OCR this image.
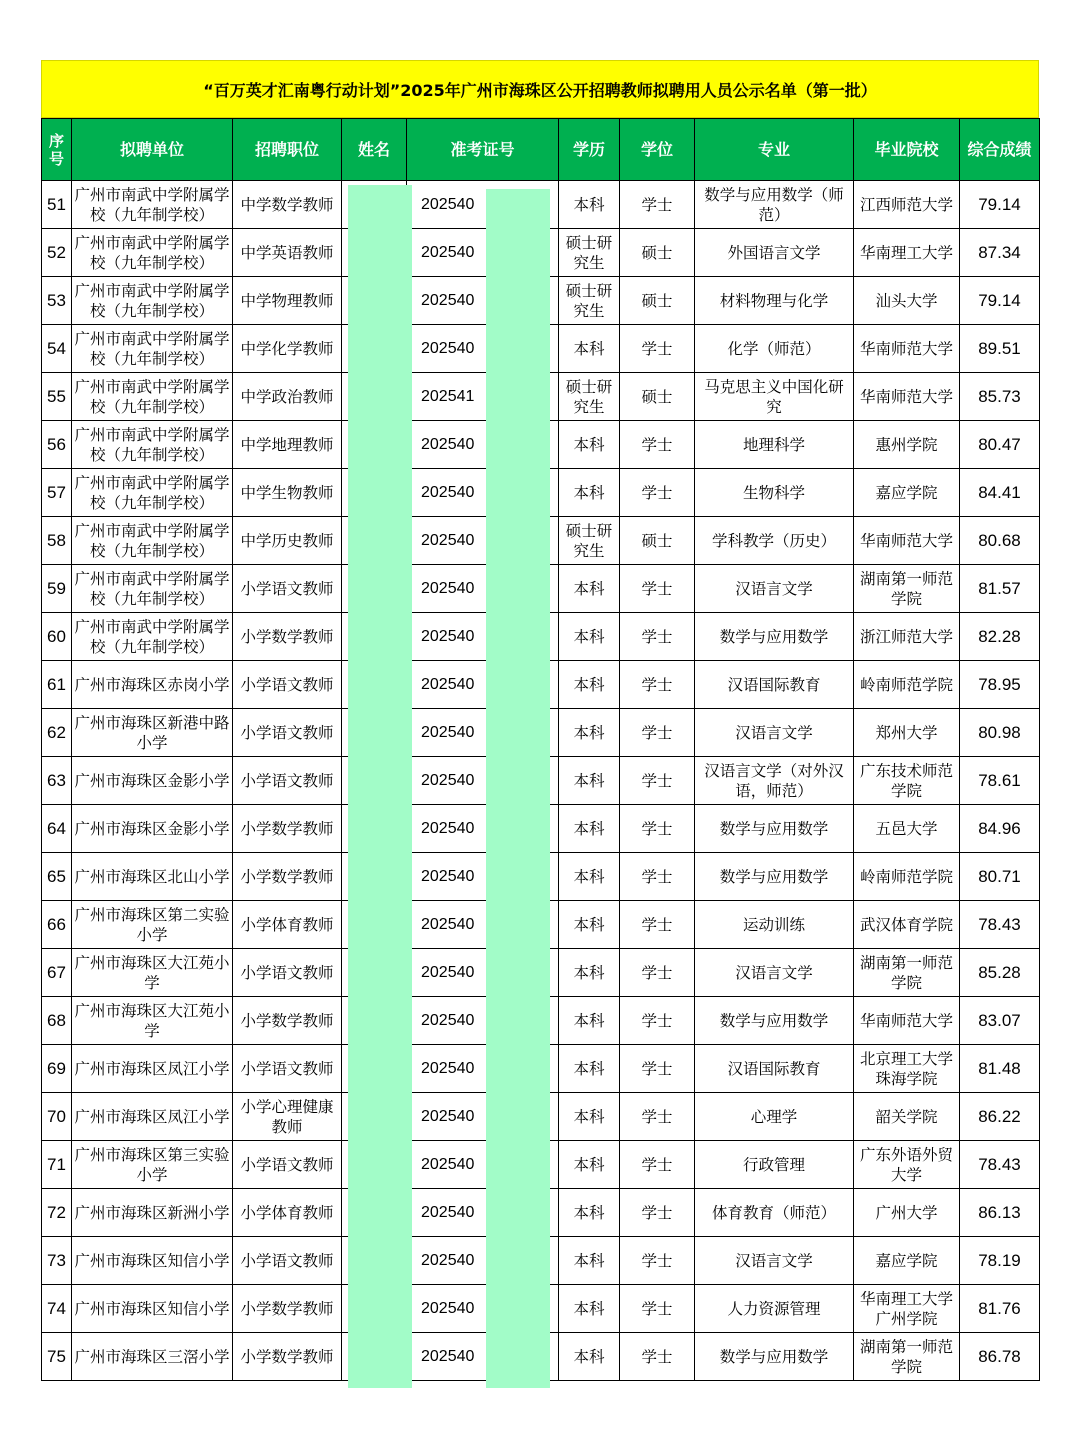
“百万英才汇南粤行动计划”2025年广州市海珠区公开招聘教师拟聘用人员公示名单（第一批）
序号	拟聘单位	招聘职位	姓名	准考证号	学历	学位	专业	毕业院校	综合成绩
51	广州市南武中学附属学校（九年制学校）	中学数学教师		202540	本科	学士	数学与应用数学（师范）	江西师范大学	79.14
52	广州市南武中学附属学校（九年制学校）	中学英语教师		202540	硕士研究生	硕士	外国语言文学	华南理工大学	87.34
53	广州市南武中学附属学校（九年制学校）	中学物理教师		202540	硕士研究生	硕士	材料物理与化学	汕头大学	79.14
54	广州市南武中学附属学校（九年制学校）	中学化学教师		202540	本科	学士	化学（师范）	华南师范大学	89.51
55	广州市南武中学附属学校（九年制学校）	中学政治教师		202541	硕士研究生	硕士	马克思主义中国化研究	华南师范大学	85.73
56	广州市南武中学附属学校（九年制学校）	中学地理教师		202540	本科	学士	地理科学	惠州学院	80.47
57	广州市南武中学附属学校（九年制学校）	中学生物教师		202540	本科	学士	生物科学	嘉应学院	84.41
58	广州市南武中学附属学校（九年制学校）	中学历史教师		202540	硕士研究生	硕士	学科教学（历史）	华南师范大学	80.68
59	广州市南武中学附属学校（九年制学校）	小学语文教师		202540	本科	学士	汉语言文学	湖南第一师范学院	81.57
60	广州市南武中学附属学校（九年制学校）	小学数学教师		202540	本科	学士	数学与应用数学	浙江师范大学	82.28
61	广州市海珠区赤岗小学	小学语文教师		202540	本科	学士	汉语国际教育	岭南师范学院	78.95
62	广州市海珠区新港中路小学	小学语文教师		202540	本科	学士	汉语言文学	郑州大学	80.98
63	广州市海珠区金影小学	小学语文教师		202540	本科	学士	汉语言文学（对外汉语，师范）	广东技术师范学院	78.61
64	广州市海珠区金影小学	小学数学教师		202540	本科	学士	数学与应用数学	五邑大学	84.96
65	广州市海珠区北山小学	小学数学教师		202540	本科	学士	数学与应用数学	岭南师范学院	80.71
66	广州市海珠区第二实验小学	小学体育教师		202540	本科	学士	运动训练	武汉体育学院	78.43
67	广州市海珠区大江苑小学	小学语文教师		202540	本科	学士	汉语言文学	湖南第一师范学院	85.28
68	广州市海珠区大江苑小学	小学数学教师		202540	本科	学士	数学与应用数学	华南师范大学	83.07
69	广州市海珠区凤江小学	小学语文教师		202540	本科	学士	汉语国际教育	北京理工大学珠海学院	81.48
70	广州市海珠区凤江小学	小学心理健康教师		202540	本科	学士	心理学	韶关学院	86.22
71	广州市海珠区第三实验小学	小学语文教师		202540	本科	学士	行政管理	广东外语外贸大学	78.43
72	广州市海珠区新洲小学	小学体育教师		202540	本科	学士	体育教育（师范）	广州大学	86.13
73	广州市海珠区知信小学	小学语文教师		202540	本科	学士	汉语言文学	嘉应学院	78.19
74	广州市海珠区知信小学	小学数学教师		202540	本科	学士	人力资源管理	华南理工大学广州学院	81.76
75	广州市海珠区三滘小学	小学数学教师		202540	本科	学士	数学与应用数学	湖南第一师范学院	86.78
